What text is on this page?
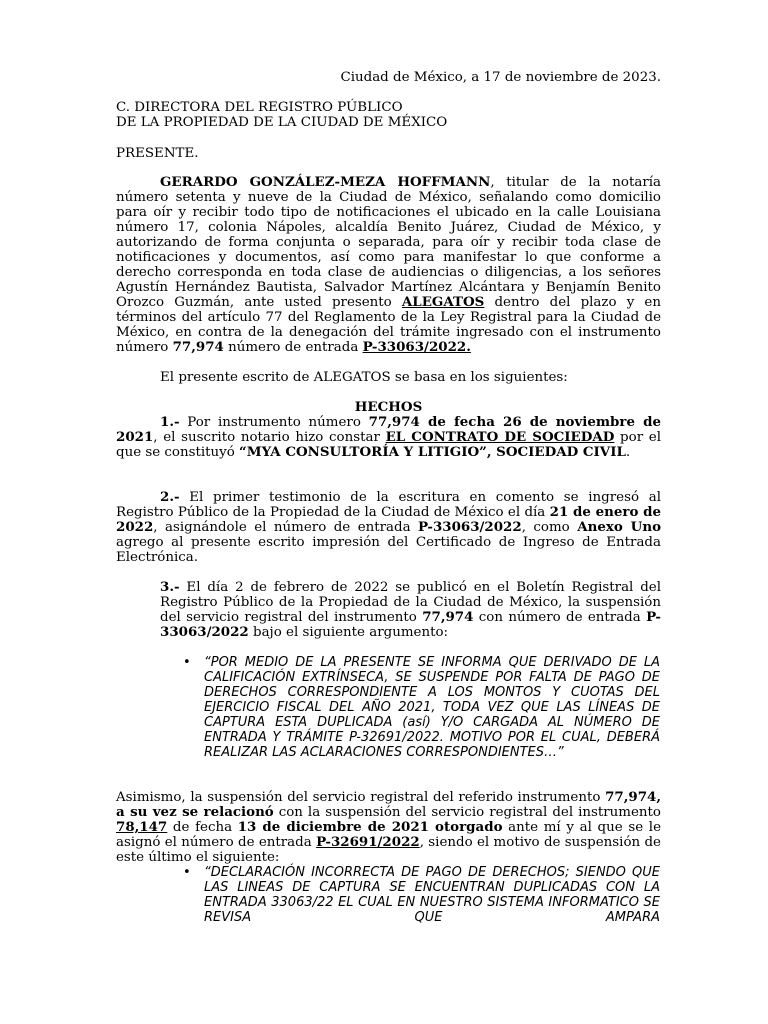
Ciudad de México, a 17 de noviembre de 2023.

C. DIRECTORA DEL REGISTRO PÚBLICO

DE LA PROPIEDAD DE LA CIUDAD DE MÉXICO

PRESENTE.

GERARDO GONZÁLEZ-MEZA HOFFMANN, titular de la notaría número setenta y nueve de la Ciudad de México, señalando como domicilio para oír y recibir todo tipo de notificaciones el ubicado en la calle Louisiana número 17, colonia Nápoles, alcaldía Benito Juárez, Ciudad de México, y autorizando de forma conjunta o separada, para oír y recibir toda clase de notificaciones y documentos, así como para manifestar lo que conforme a derecho corresponda en toda clase de audiencias o diligencias, a los señores Agustín Hernández Bautista, Salvador Martínez Alcántara y Benjamín Benito Orozco Guzmán, ante usted presento ALEGATOS dentro del plazo y en términos del artículo 77 del Reglamento de la Ley Registral para la Ciudad de México, en contra de la denegación del trámite ingresado con el instrumento número 77,974 número de entrada P-33063/2022.

El presente escrito de ALEGATOS se basa en los siguientes:

HECHOS

1.- Por instrumento número 77,974 de fecha 26 de noviembre de 2021, el suscrito notario hizo constar EL CONTRATO DE SOCIEDAD por el que se constituyó “MYA CONSULTORÍA Y LITIGIO”, SOCIEDAD CIVIL.

2.- El primer testimonio de la escritura en comento se ingresó al Registro Público de la Propiedad de la Ciudad de México el día 21 de enero de 2022, asignándole el número de entrada P-33063/2022, como Anexo Uno agrego al presente escrito impresión del Certificado de Ingreso de Entrada Electrónica.

3.- El día 2 de febrero de 2022 se publicó en el Boletín Registral del Registro Público de la Propiedad de la Ciudad de México, la suspensión del servicio registral del instrumento 77,974 con número de entrada P-33063/2022 bajo el siguiente argumento:

• “POR MEDIO DE LA PRESENTE SE INFORMA QUE DERIVADO DE LA CALIFICACIÓN EXTRÍNSECA, SE SUSPENDE POR FALTA DE PAGO DE DERECHOS CORRESPONDIENTE A LOS MONTOS Y CUOTAS DEL EJERCICIO FISCAL DEL AÑO 2021, TODA VEZ QUE LAS LÍNEAS DE CAPTURA ESTA DUPLICADA (así) Y/O CARGADA AL NÚMERO DE ENTRADA Y TRÁMITE P-32691/2022. MOTIVO POR EL CUAL, DEBERÁ REALIZAR LAS ACLARACIONES CORRESPONDIENTES…”

Asimismo, la suspensión del servicio registral del referido instrumento 77,974, a su vez se relacionó con la suspensión del servicio registral del instrumento 78,147 de fecha 13 de diciembre de 2021 otorgado ante mí y al que se le asignó el número de entrada P-32691/2022, siendo el motivo de suspensión de este último el siguiente:

• “DECLARACIÓN INCORRECTA DE PAGO DE DERECHOS; SIENDO QUE LAS LINEAS DE CAPTURA SE ENCUENTRAN DUPLICADAS CON LA ENTRADA 33063/22 EL CUAL EN NUESTRO SISTEMA INFORMATICO SE REVISA QUE AMPARA
